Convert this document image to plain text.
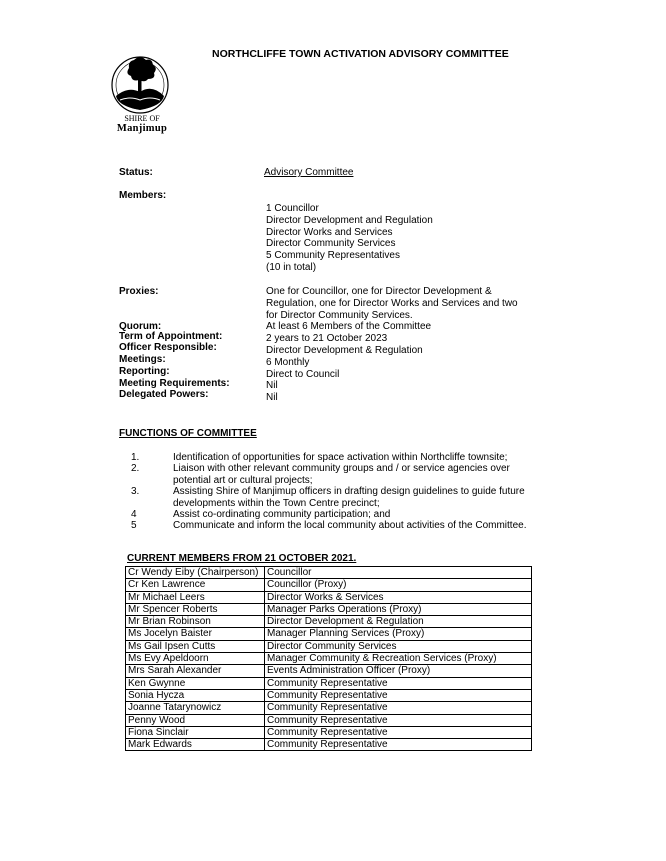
NORTHCLIFFE TOWN ACTIVATION ADVISORY COMMITTEE
SHIRE OF
Manjimup
Status:	Advisory Committee
Members:
1 Councillor
Director Development and Regulation
Director Works and Services
Director Community Services
5 Community Representatives
(10 in total)
Proxies:	One for Councillor, one for Director Development &
Regulation, one for Director Works and Services and two
for Director Community Services.
Quorum:	At least 6 Members of the Committee
Term of Appointment:	2 years to 21 October 2023
Officer Responsible:	Director Development & Regulation
Meetings:	6 Monthly
Reporting:	Direct to Council
Meeting Requirements:	Nil
Delegated Powers:	Nil
FUNCTIONS OF COMMITTEE
1.	Identification of opportunities for space activation within Northcliffe townsite;
2.	Liaison with other relevant community groups and / or service agencies over
potential art or cultural projects;
3.	Assisting Shire of Manjimup officers in drafting design guidelines to guide future
developments within the Town Centre precinct;
4	Assist co-ordinating community participation; and
5	Communicate and inform the local community about activities of the Committee.
CURRENT MEMBERS FROM 21 OCTOBER 2021.
Cr Wendy Eiby (Chairperson)	Councillor
Cr Ken Lawrence	Councillor (Proxy)
Mr Michael Leers	Director Works & Services
Mr Spencer Roberts	Manager Parks Operations (Proxy)
Mr Brian Robinson	Director Development & Regulation
Ms Jocelyn Baister	Manager Planning Services (Proxy)
Ms Gail Ipsen Cutts	Director Community Services
Ms Evy Apeldoorn	Manager Community & Recreation Services (Proxy)
Mrs Sarah Alexander	Events Administration Officer (Proxy)
Ken Gwynne	Community Representative
Sonia Hycza	Community Representative
Joanne Tatarynowicz	Community Representative
Penny Wood	Community Representative
Fiona Sinclair	Community Representative
Mark Edwards	Community Representative
